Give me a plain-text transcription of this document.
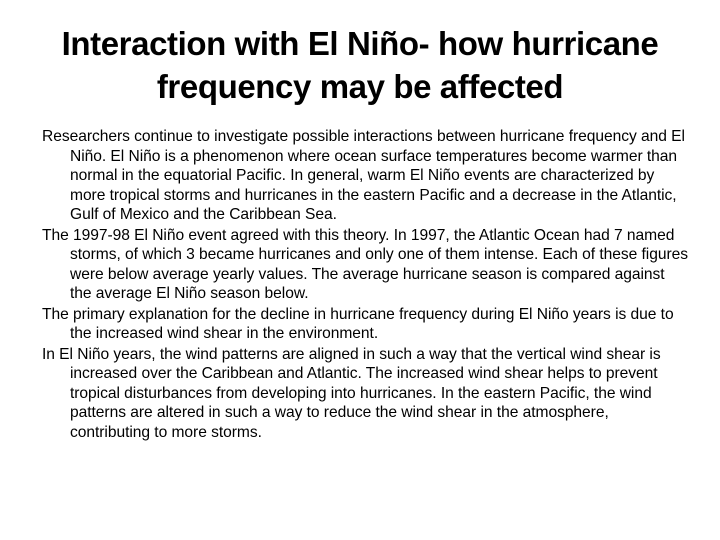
Interaction with El Niño- how hurricane frequency may be affected
Researchers continue to investigate possible interactions between hurricane frequency and El Niño. El Niño is a phenomenon where ocean surface temperatures become warmer than normal in the equatorial Pacific. In general, warm El Niño events are characterized by more tropical storms and hurricanes in the eastern Pacific and a decrease in the Atlantic, Gulf of Mexico and the Caribbean Sea.
The 1997-98 El Niño event agreed with this theory. In 1997, the Atlantic Ocean had 7 named storms, of which 3 became hurricanes and only one of them intense. Each of these figures were below average yearly values. The average hurricane season is compared against the average El Niño season below.
The primary explanation for the decline in hurricane frequency during El Niño years is due to the increased wind shear in the environment.
In El Niño years, the wind patterns are aligned in such a way that the vertical wind shear is increased over the Caribbean and Atlantic. The increased wind shear helps to prevent tropical disturbances from developing into hurricanes. In the eastern Pacific, the wind patterns are altered in such a way to reduce the wind shear in the atmosphere, contributing to more storms.
